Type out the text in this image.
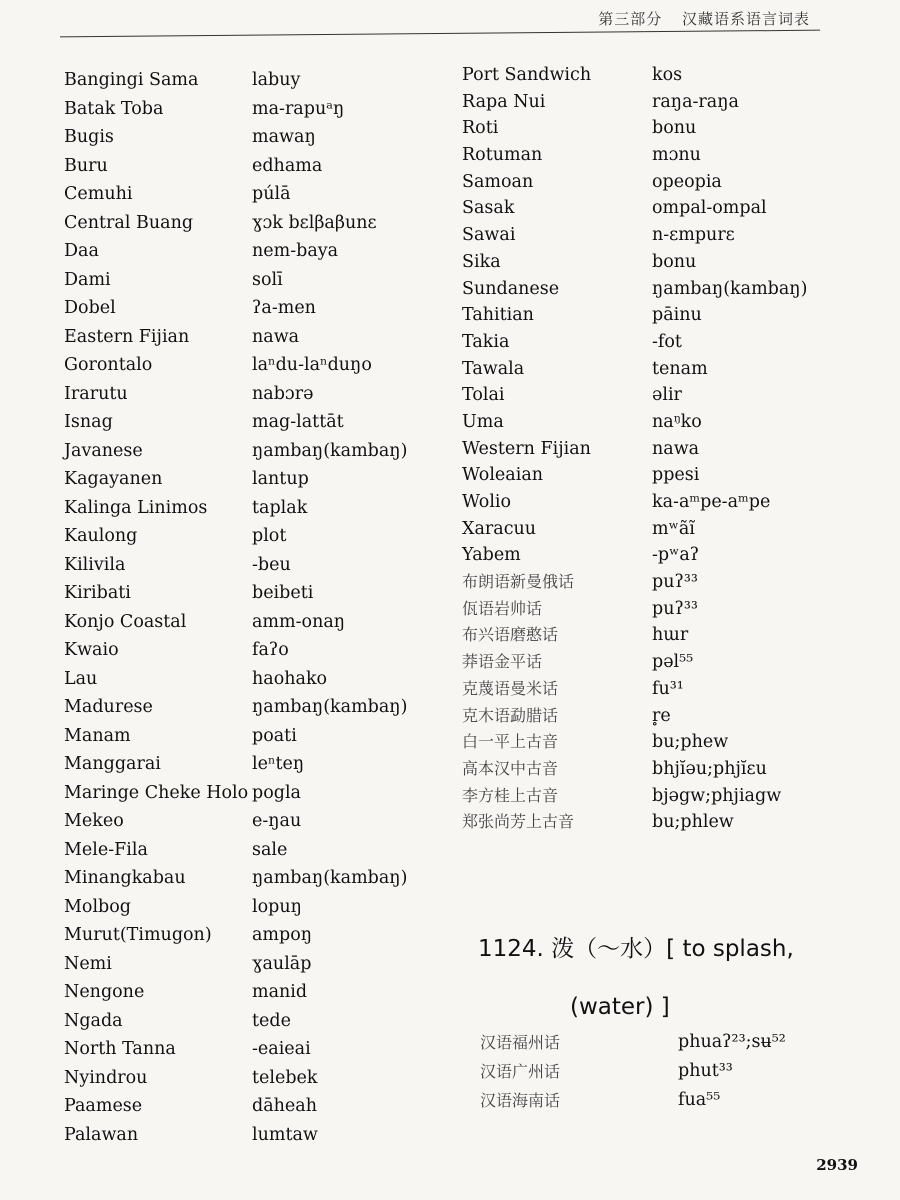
第三部分 汉藏语系语言词表
Bangingi Sama	labuy
Batak Toba	ma-rapuᵃŋ
Bugis	mawaŋ
Buru	edhama
Cemuhi	púlā
Central Buang	ɣɔk bɛlβaβunɛ
Daa	nem-baya
Dami	solī
Dobel	ʔa-men
Eastern Fijian	nawa
Gorontalo	laⁿdu-laⁿduŋo
Irarutu	nabɔrə
Isnag	mag-lattāt
Javanese	ŋambaŋ(kambaŋ)
Kagayanen	lantup
Kalinga Linimos	taplak
Kaulong	plot
Kilivila	-beu
Kiribati	beibeti
Konjo Coastal	amm-onaŋ
Kwaio	faʔo
Lau	haohako
Madurese	ŋambaŋ(kambaŋ)
Manam	poati
Manggarai	leⁿteŋ
Maringe Cheke Holo pogla
Mekeo	e-ŋau
Mele-Fila	sale
Minangkabau	ŋambaŋ(kambaŋ)
Molbog	lopuŋ
Murut(Timugon) ampoŋ
Nemi	ɣaulāp
Nengone	manid
Ngada	tede
North Tanna	-eaieai
Nyindrou	telebek
Paamese	dāheah
Palawan	lumtaw
Port Sandwich	kos
Rapa Nui	raŋa-raŋa
Roti	bonu
Rotuman	mɔnu
Samoan	opeopia
Sasak	ompal-ompal
Sawai	n-ɛmpurɛ
Sika	bonu
Sundanese	ŋambaŋ(kambaŋ)
Tahitian	pāinu
Takia	-fot
Tawala	tenam
Tolai	əlir
Uma	naᵑko
Western Fijian	nawa
Woleaian	ppesi
Wolio	ka-aᵐpe-aᵐpe
Xaracuu	mʷãĩ
Yabem	-pʷaʔ
布朗语新曼俄话	puʔ³³
佤语岩帅话	puʔ³³
布兴语磨憨话	hɯr
莽语金平话	pəl⁵⁵
克蔑语曼米话	fu³¹
克木语勐腊话	r̥e
白一平上古音	bu;phew
高本汉中古音	bhjĭəu;phjĭɛu
李方桂上古音	bjəgw;phjiagw
郑张尚芳上古音	bu;phlew
1124. 泼（～水）[ to splash,
(water) ]
汉语福州话	phuaʔ²³;sʉ⁵²
汉语广州话	phut³³
汉语海南话	fua⁵⁵
2939
